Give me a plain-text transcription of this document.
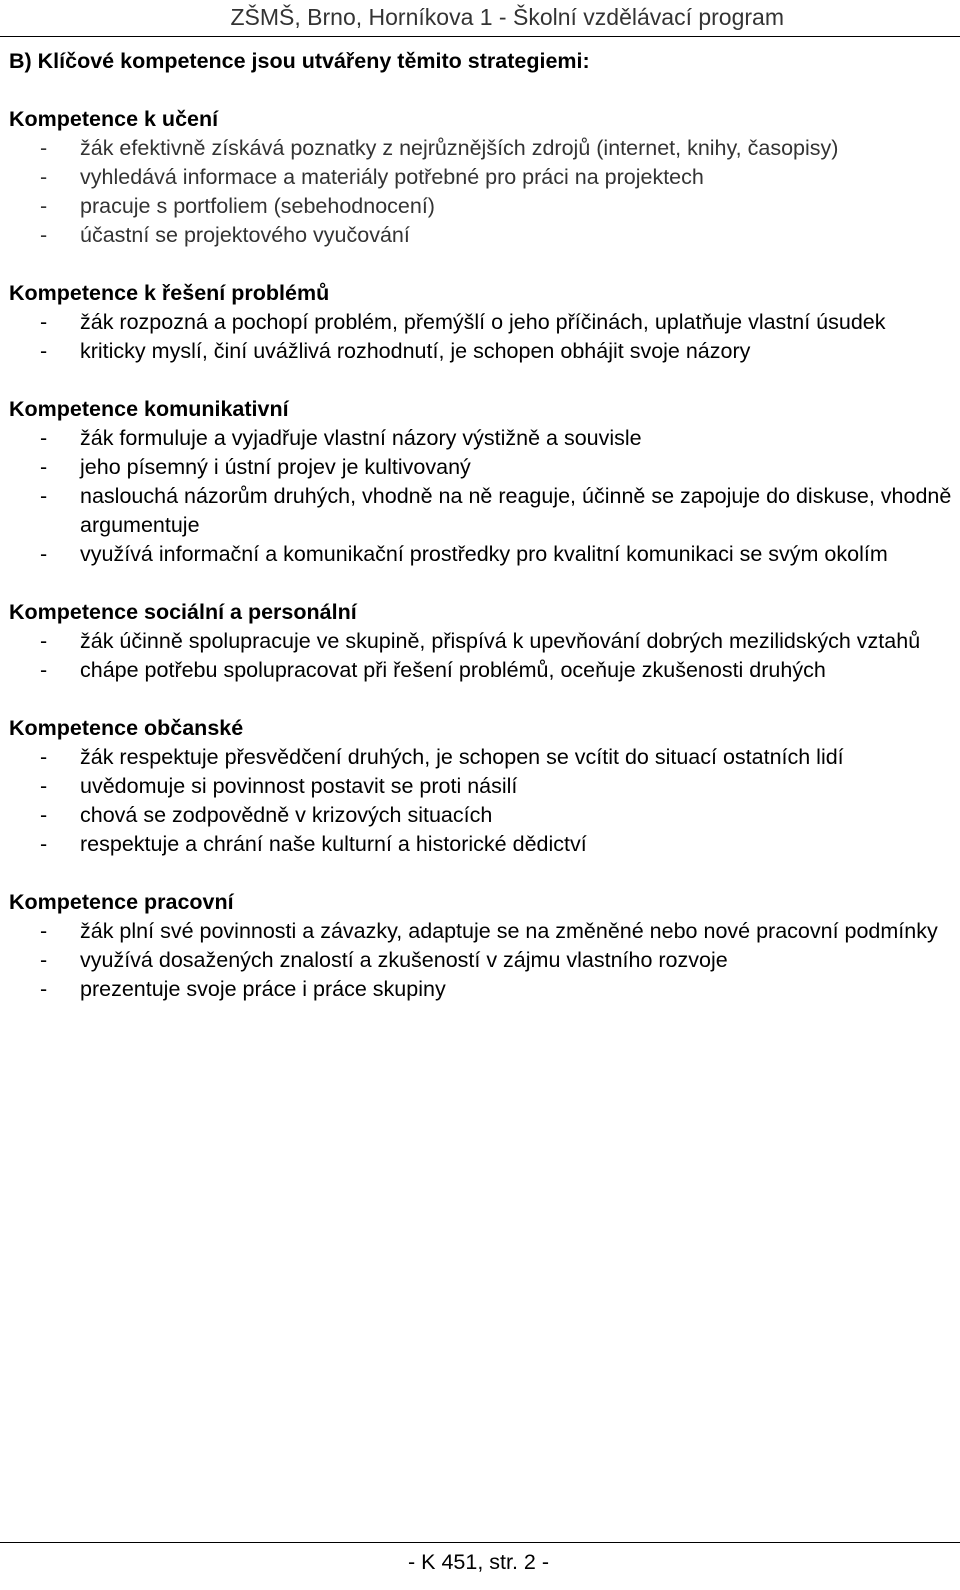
ZŠMŠ, Brno, Horníkova 1 - Školní vzdělávací program

B) Klíčové kompetence jsou utvářeny těmito strategiemi:

Kompetence k učení

- žák efektivně získává poznatky z nejrůznějších zdrojů (internet, knihy, časopisy)
- vyhledává informace a materiály potřebné pro práci na projektech
- pracuje s portfoliem (sebehodnocení)
- účastní se projektového vyučování

Kompetence k řešení problémů

- žák rozpozná a pochopí problém, přemýšlí o jeho příčinách, uplatňuje vlastní úsudek
- kriticky myslí, činí uvážlivá rozhodnutí, je schopen obhájit svoje názory

Kompetence komunikativní

- žák formuluje a vyjadřuje vlastní názory výstižně a souvisle
- jeho písemný i ústní projev je kultivovaný
- naslouchá názorům druhých, vhodně na ně reaguje, účinně se zapojuje do diskuse, vhodně argumentuje
- využívá informační a komunikační prostředky pro kvalitní komunikaci se svým okolím

Kompetence sociální a personální

- žák účinně spolupracuje ve skupině, přispívá k upevňování dobrých mezilidských vztahů
- chápe potřebu spolupracovat při řešení problémů, oceňuje zkušenosti druhých

Kompetence občanské

- žák respektuje přesvědčení druhých, je schopen se vcítit do situací ostatních lidí
- uvědomuje si povinnost postavit se proti násilí
- chová se zodpovědně v krizových situacích
- respektuje a chrání naše kulturní a historické dědictví

Kompetence pracovní

- žák plní své povinnosti a závazky, adaptuje se na změněné nebo nové pracovní podmínky
- využívá dosažených znalostí a zkušeností v zájmu vlastního rozvoje
- prezentuje svoje práce i práce skupiny
- K 451, str. 2 -
